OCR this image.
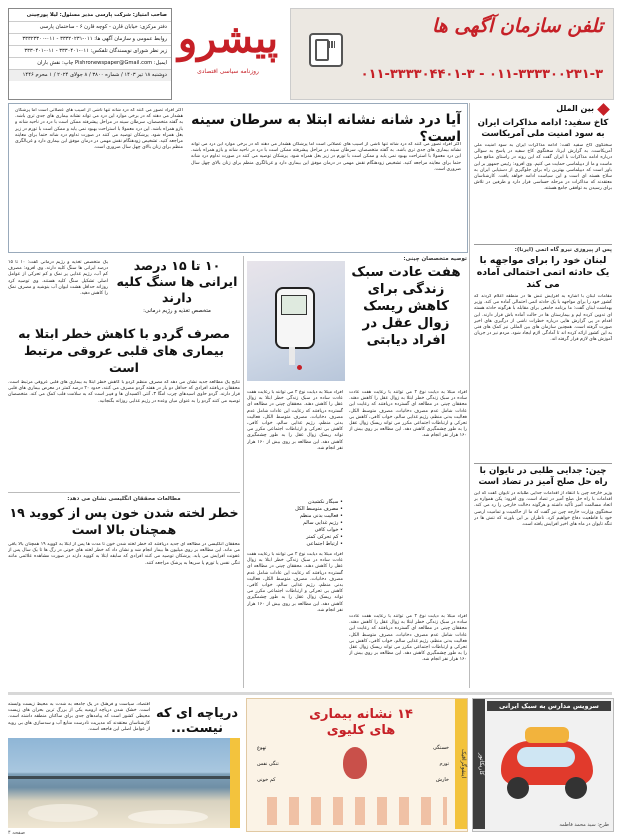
صاحب امتیاز: شرکت پارسی مدیر مسئول: لیلا پورچینی
دفتر مرکزی: خیابان قارن - کوچه قارن ۶ - ساختمان پارسی
روابط عمومی و سازمان آگهی ها: ۰۱۱-۳۳۳۲۰۲۳۱ - ۰۱۱-۳۳۳۲۳۳۰۰
زیر نظر شورای نویسندگان تلفکس: ۰۱۱-۳۳۳۰۴۰۱ - ۰۱۱-۳۳۳۰۴۰۱
ایمیل: Pishronewspaper@Gmail.com چاپ: نقش باران
دوشنبه ۱۸ تیر ۱۴۰۳ / شماره ۳۸۰۰ / ۸ جولای ۲۰۲۴ / ۱ محرم ۱۴۴۶
پیشرو
روزنامه سیاسی اقتصادی
تلفن سازمان آگهی ها
۰۱۱-۳۳۳۳۰۴۴۰۱-۳ - ۰۱۱-۳۳۳۳۰۰۲۳۱-۳
بین الملل
کاخ سفید: ادامه مذاکرات ایران به سود امنیت ملی آمریکاست
سخنگوی کاخ سفید گفت: ادامه مذاکرات ایران به سود امنیت ملی آمریکاست. به گزارش ایرنا، سخنگوی کاخ سفید در پاسخ به سوالی درباره ادامه مذاکرات با ایران گفت که این روند در راستای منافع ملی ماست و ما از دیپلماسی حمایت می کنیم. وی افزود: رئیس جمهور بر این باور است که دیپلماسی بهترین راه برای جلوگیری از دستیابی ایران به سلاح هسته ای است و این سیاست ادامه خواهد یافت. کارشناسان معتقدند که مذاکرات در مرحله حساسی قرار دارد و طرفین در تلاش برای رسیدن به توافقی جامع هستند.
پس از پیروزی نیرو گاه اتمی (ایرنا):
لبنان خود را برای مواجهه با یک حادثه اتمی احتمالی آماده می کند
مقامات لبنان با اشاره به افزایش تنش ها در منطقه اعلام کردند که کشور خود را برای مواجهه با یک حادثه اتمی احتمالی آماده می کند. وزیر بهداشت لبنان گفت: ما برنامه جامعی برای مقابله با هرگونه حادثه هسته ای تدوین کرده ایم و بیمارستان ها در حالت آماده باش قرار دارند. این اقدام در پی گزارش هایی درباره خطرات ناشی از درگیری های اخیر صورت گرفته است. همچنین سازمان های بین المللی نیز کمک های فنی به این کشور ارائه کرده اند تا آمادگی لازم ایجاد شود. مردم نیز در جریان آموزش های لازم قرار گرفته اند.
چین: جدایی طلبی در تایوان با راه حل صلح آمیز در تضاد است
وزیر خارجه چین با انتقاد از اقدامات جدایی طلبانه در تایوان گفت که این اقدامات با راه حل صلح آمیز در تضاد است. وی افزود: پکن همواره بر اتحاد مسالمت آمیز تأکید داشته و هرگونه دخالت خارجی را رد می کند. سخنگوی وزارت خارجه چین نیز گفت که ما از حاکمیت و تمامیت ارضی خود با قاطعیت دفاع خواهیم کرد. ناظران بر این باورند که تنش ها در تنگه تایوان در ماه های اخیر افزایش یافته است.
آیا درد شانه نشانه ابتلا به سرطان سینه است؟
اکثر افراد تصور می کنند که درد شانه تنها ناشی از آسیب های عضلانی است اما پزشکان هشدار می دهند که در برخی موارد این درد می تواند نشانه بیماری های جدی تری باشد. به گفته متخصصان، سرطان سینه در مراحل پیشرفته ممکن است با درد در ناحیه شانه و بازو همراه باشد. این درد معمولا با استراحت بهبود نمی یابد و ممکن است با تورم در زیر بغل همراه شود. پزشکان توصیه می کنند در صورت تداوم درد شانه حتما برای معاینه مراجعه کنید. تشخیص زودهنگام نقش مهمی در درمان موفق این بیماری دارد و غربالگری منظم برای زنان بالای چهل سال ضروری است.
اکثر افراد تصور می کنند که درد شانه تنها ناشی از آسیب های عضلانی است اما پزشکان هشدار می دهند که در برخی موارد این درد می تواند نشانه بیماری های جدی تری باشد. به گفته متخصصان، سرطان سینه در مراحل پیشرفته ممکن است با درد در ناحیه شانه و بازو همراه باشد. این درد معمولا با استراحت بهبود نمی یابد و ممکن است با تورم در زیر بغل همراه شود. پزشکان توصیه می کنند در صورت تداوم درد شانه حتما برای معاینه مراجعه کنید. تشخیص زودهنگام نقش مهمی در درمان موفق این بیماری دارد و غربالگری منظم برای زنان بالای چهل سال ضروری است.
توصیه متخصصان چینی:
هفت عادت سبک زندگی برای کاهش ریسک زوال عقل در افراد دیابتی
افراد مبتلا به دیابت نوع ۲ می توانند با رعایت هفت عادت ساده در سبک زندگی خطر ابتلا به زوال عقل را کاهش دهند. محققان چینی در مطالعه ای گسترده دریافتند که رعایت این عادات شامل عدم مصرف دخانیات، مصرف متوسط الکل، فعالیت بدنی منظم، رژیم غذایی سالم، خواب کافی، کاهش بی تحرکی و ارتباطات اجتماعی مکرر می تواند ریسک زوال عقل را به طور چشمگیری کاهش دهد. این مطالعه بر روی بیش از ۱۶۰ هزار نفر انجام شد.
افراد مبتلا به دیابت نوع ۲ می توانند با رعایت هفت عادت ساده در سبک زندگی خطر ابتلا به زوال عقل را کاهش دهند. محققان چینی در مطالعه ای گسترده دریافتند که رعایت این عادات شامل عدم مصرف دخانیات، مصرف متوسط الکل، فعالیت بدنی منظم، رژیم غذایی سالم، خواب کافی، کاهش بی تحرکی و ارتباطات اجتماعی مکرر می تواند ریسک زوال عقل را به طور چشمگیری کاهش دهد. این مطالعه بر روی بیش از ۱۶۰ هزار نفر انجام شد.
• سیگار نکشیدن
• مصرف متوسط الکل
• فعالیت بدنی منظم
• رژیم غذایی سالم
• خواب کافی
• کم تحرکی کمتر
• ارتباط اجتماعی
افراد مبتلا به دیابت نوع ۲ می توانند با رعایت هفت عادت ساده در سبک زندگی خطر ابتلا به زوال عقل را کاهش دهند. محققان چینی در مطالعه ای گسترده دریافتند که رعایت این عادات شامل عدم مصرف دخانیات، مصرف متوسط الکل، فعالیت بدنی منظم، رژیم غذایی سالم، خواب کافی، کاهش بی تحرکی و ارتباطات اجتماعی مکرر می تواند ریسک زوال عقل را به طور چشمگیری کاهش دهد. این مطالعه بر روی بیش از ۱۶۰ هزار نفر انجام شد.
افراد مبتلا به دیابت نوع ۲ می توانند با رعایت هفت عادت ساده در سبک زندگی خطر ابتلا به زوال عقل را کاهش دهند. محققان چینی در مطالعه ای گسترده دریافتند که رعایت این عادات شامل عدم مصرف دخانیات، مصرف متوسط الکل، فعالیت بدنی منظم، رژیم غذایی سالم، خواب کافی، کاهش بی تحرکی و ارتباطات اجتماعی مکرر می تواند ریسک زوال عقل را به طور چشمگیری کاهش دهد. این مطالعه بر روی بیش از ۱۶۰ هزار نفر انجام شد.
یک متخصص تغذیه و رژیم درمانی گفت: ۱۰ تا ۱۵ درصد ایرانی ها سنگ کلیه دارند. وی افزود: مصرف کم آب، رژیم غذایی پر نمک و کم تحرکی از عوامل اصلی تشکیل سنگ کلیه هستند. وی توصیه کرد روزانه حداقل هشت لیوان آب بنوشید و مصرف نمک را کاهش دهید.
۱۰ تا ۱۵ درصد ایرانی ها سنگ کلیه دارند
متخصص تغذیه و رژیم درمانی:
مصرف گردو با کاهش خطر ابتلا به بیماری های قلبی عروقی مرتبط است
نتایج یک مطالعه جدید نشان می دهد که مصرف منظم گردو با کاهش خطر ابتلا به بیماری های قلبی عروقی مرتبط است. محققان دریافتند افرادی که حداقل دو بار در هفته گردو مصرف می کنند، حدود ۲۰ درصد کمتر در معرض بیماری های قلبی قرار دارند. گردو حاوی اسیدهای چرب امگا ۳، آنتی اکسیدان ها و فیبر است که به سلامت قلب کمک می کند. متخصصان توصیه می کنند گردو را به عنوان میان وعده در رژیم غذایی روزانه بگنجانید.
مطالعات محققان انگلیسی نشان می دهد:
خطر لخته شدن خون پس از کووید ۱۹ همچنان بالا است
محققان انگلیسی در مطالعه ای جدید دریافتند که خطر لخته شدن خون تا مدت ها پس از ابتلا به کووید ۱۹ همچنان بالا باقی می ماند. این مطالعه بر روی میلیون ها بیمار انجام شد و نشان داد که خطر لخته های خونی در رگ ها تا یک سال پس از عفونت افزایش می یابد. پزشکان توصیه می کنند افرادی که سابقه ابتلا به کووید دارند در صورت مشاهده علائمی مانند تنگی نفس یا تورم پا سریعا به پزشک مراجعه کنند.
دریاچه ای که نیست...
اقتصاد، سیاست و فرهنگ در یک جامعه به شدت به محیط زیست وابسته است. خشک شدن دریاچه ارومیه یکی از بزرگ ترین بحران های زیست محیطی کشور است که پیامدهای جدی برای ساکنان منطقه داشته است. کارشناسان معتقدند که مدیریت نادرست منابع آب و سدسازی های بی رویه از عوامل اصلی این فاجعه است.
اینفوگرافیک
۱۴ نشانه بیماری های کلیوی
خستگی
تورم
خارش
تهوع
تنگی نفس
کم خونی
سرویس مدارس به سبک ایرانی
کاریکاتور
طرح: سید محمد فاطمه
صفحه ۴
